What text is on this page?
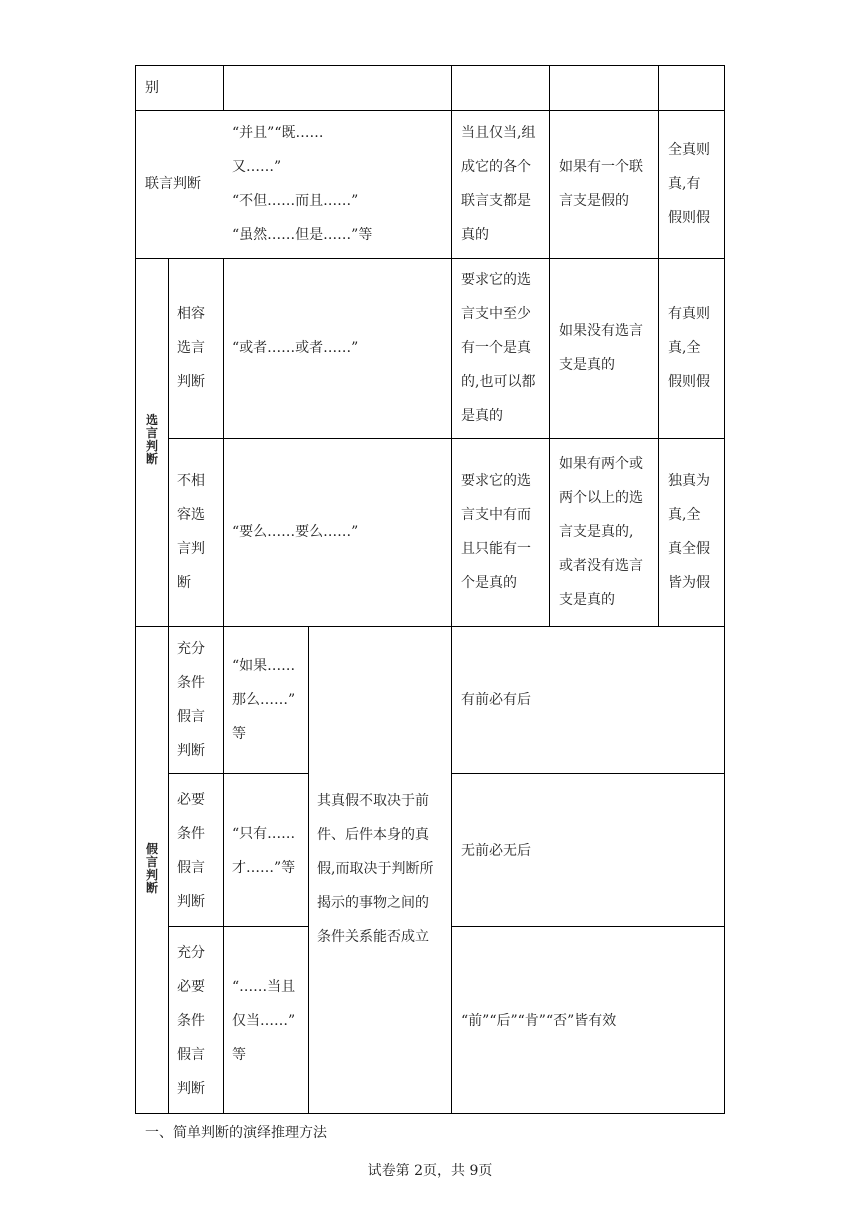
别
联言判断
“并且”“既……
又……”
“不但……而且……”
“虽然……但是……”等
当且仅当,组
成它的各个
联言支都是
真的
如果有一个联
言支是假的
全真则
真,有
假则假
选
言
判
断
相容
选言
判断
“或者……或者……”
要求它的选
言支中至少
有一个是真
的,也可以都
是真的
如果没有选言
支是真的
有真则
真,全
假则假
不相
容选
言判
断
“要么……要么……”
要求它的选
言支中有而
且只能有一
个是真的
如果有两个或
两个以上的选
言支是真的,
或者没有选言
支是真的
独真为
真,全
真全假
皆为假
假
言
判
断
其真假不取决于前
件、后件本身的真
假,而取决于判断所
揭示的事物之间的
条件关系能否成立
充分
条件
假言
判断
“如果……
那么……”
等
有前必有后
必要
条件
假言
判断
“只有……
才……”等
无前必无后
充分
必要
条件
假言
判断
“……当且
仅当……”
等
“前”“后”“肯”“否”皆有效
一、简单判断的演绎推理方法
试卷第 2页，共 9页
